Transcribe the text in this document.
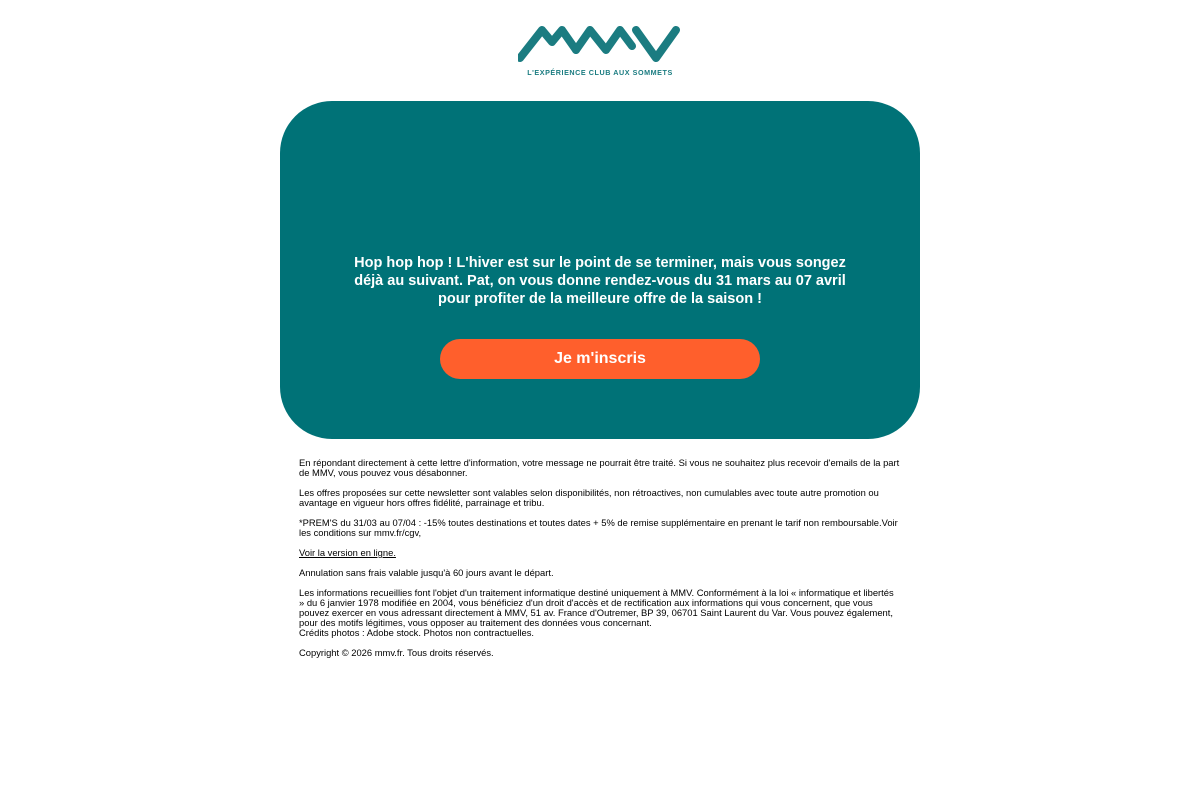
L'EXPÉRIENCE CLUB AUX SOMMETS

Hop hop hop ! L'hiver est sur le point de se terminer, mais vous songez déjà au suivant. Pat, on vous donne rendez-vous du 31 mars au 07 avril pour profiter de la meilleure offre de la saison !

Je m'inscris

En répondant directement à cette lettre d'information, votre message ne pourrait être traité. Si vous ne souhaitez plus recevoir d'emails de la part de MMV, vous pouvez vous désabonner.

Les offres proposées sur cette newsletter sont valables selon disponibilités, non rétroactives, non cumulables avec toute autre promotion ou avantage en vigueur hors offres fidélité, parrainage et tribu.

*PREM'S du 31/03 au 07/04 : -15% toutes destinations et toutes dates + 5% de remise supplémentaire en prenant le tarif non remboursable.Voir les conditions sur mmv.fr/cgv,

Voir la version en ligne.

Annulation sans frais valable jusqu'à 60 jours avant le départ.

Les informations recueillies font l'objet d'un traitement informatique destiné uniquement à MMV. Conformément à la loi « informatique et libertés » du 6 janvier 1978 modifiée en 2004, vous bénéficiez d'un droit d'accès et de rectification aux informations qui vous concernent, que vous pouvez exercer en vous adressant directement à MMV, 51 av. France d'Outremer, BP 39, 06701 Saint Laurent du Var. Vous pouvez également, pour des motifs légitimes, vous opposer au traitement des données vous concernant.
Crédits photos : Adobe stock. Photos non contractuelles.

Copyright © 2026 mmv.fr. Tous droits réservés.
